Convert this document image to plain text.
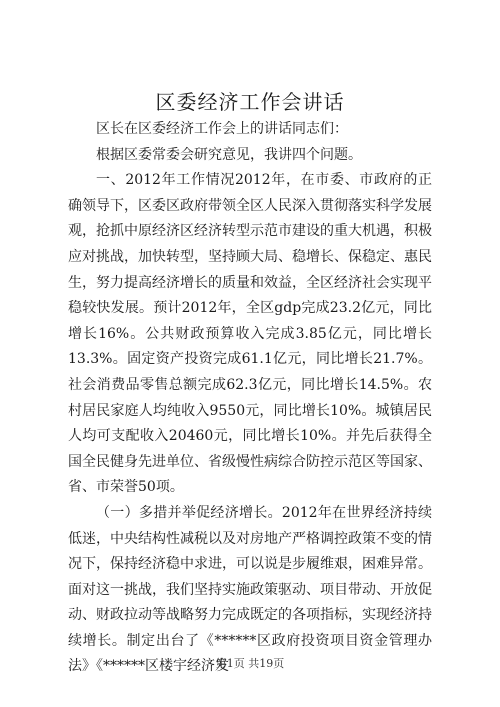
区委经济工作会讲话

区长在区委经济工作会上的讲话同志们：

根据区委常委会研究意见，我讲四个问题。

一、2012年工作情况2012年，在市委、市政府的正确领导下，区委区政府带领全区人民深入贯彻落实科学发展观，抢抓中原经济区经济转型示范市建设的重大机遇，积极应对挑战，加快转型，坚持顾大局、稳增长、保稳定、惠民生，努力提高经济增长的质量和效益，全区经济社会实现平稳较快发展。预计2012年，全区gdp完成23.2亿元，同比增长16%。公共财政预算收入完成3.85亿元，同比增长13.3%。固定资产投资完成61.1亿元，同比增长21.7%。社会消费品零售总额完成62.3亿元，同比增长14.5%。农村居民家庭人均纯收入9550元，同比增长10%。城镇居民人均可支配收入20460元，同比增长10%。并先后获得全国全民健身先进单位、省级慢性病综合防控示范区等国家、省、市荣誉50项。

（一）多措并举促经济增长。2012年在世界经济持续低迷，中央结构性减税以及对房地产严格调控政策不变的情况下，保持经济稳中求进，可以说是步履维艰，困难异常。面对这一挑战，我们坚持实施政策驱动、项目带动、开放促动、财政拉动等战略努力完成既定的各项指标，实现经济持续增长。制定出台了《******区政府投资项目资金管理办法》《******区楼宇经济发

第1页 共19页
